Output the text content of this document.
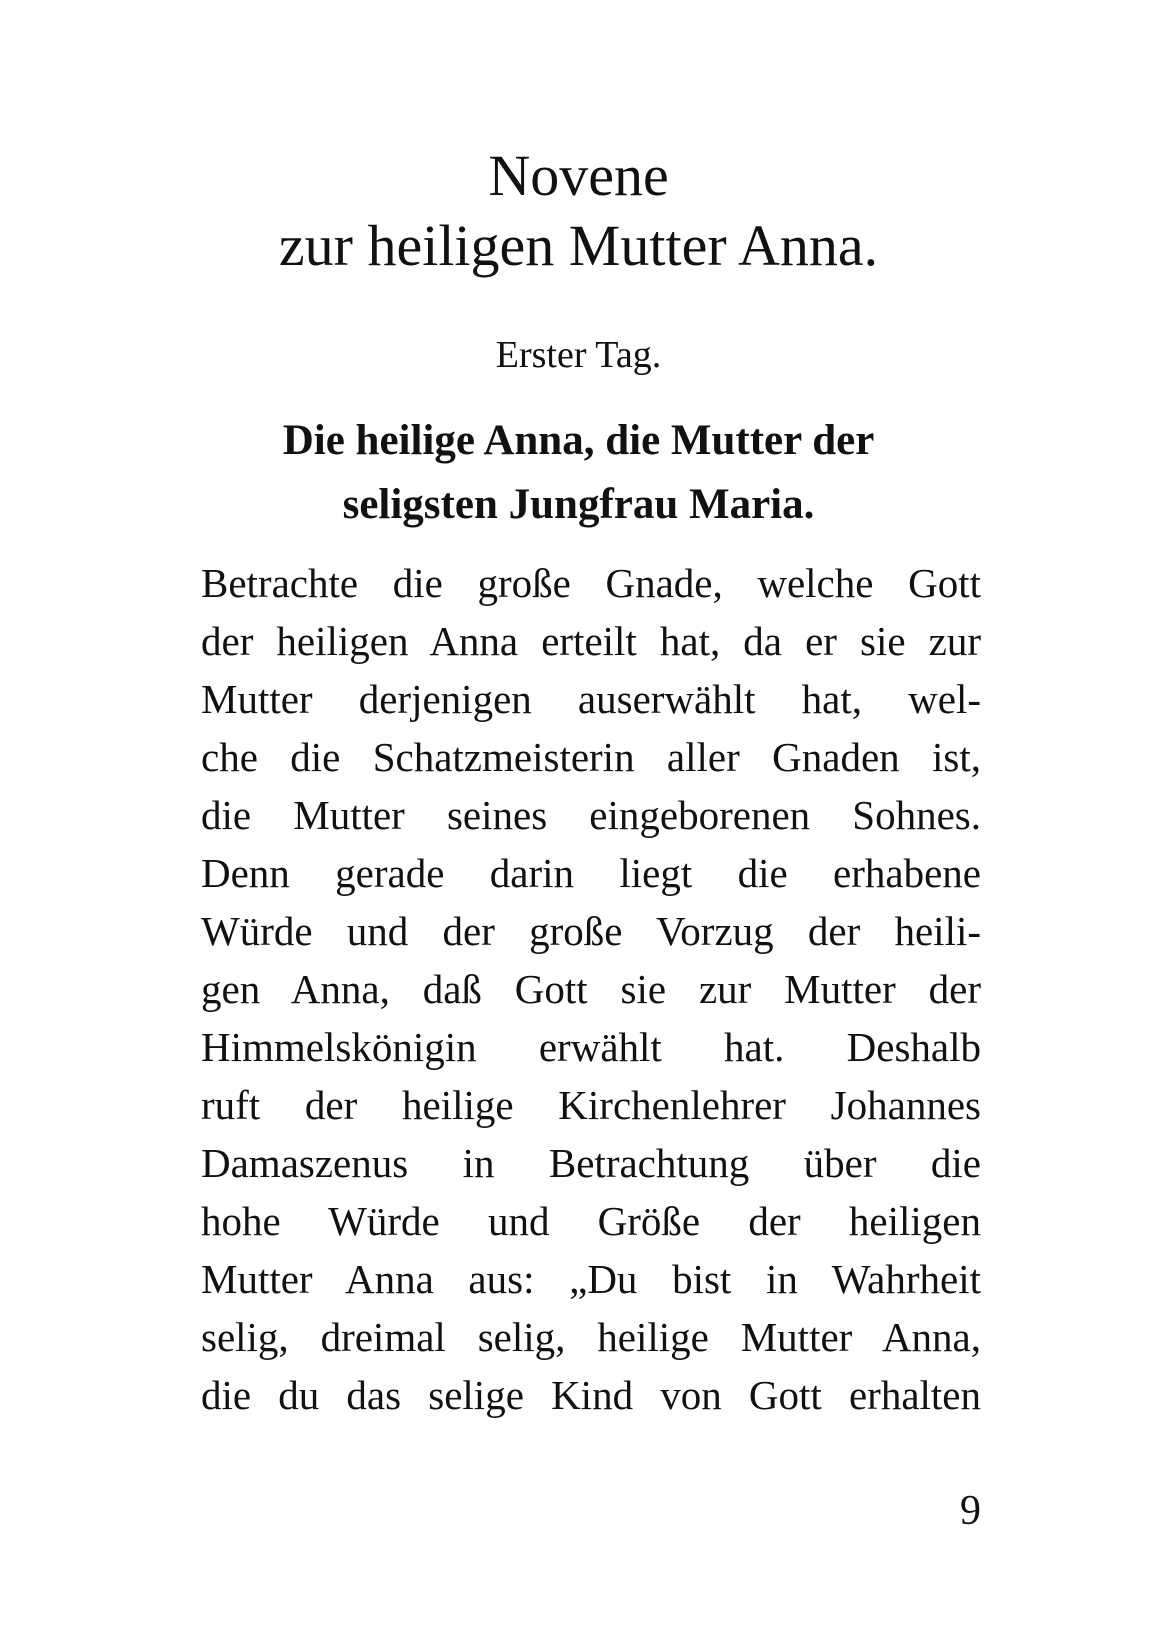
Novene
zur heiligen Mutter Anna.
Erster Tag.
Die heilige Anna, die Mutter der
seligsten Jungfrau Maria.
Betrachte die große Gnade, welche Gott
der heiligen Anna erteilt hat, da er sie zur
Mutter derjenigen auserwählt hat, wel-
che die Schatzmeisterin aller Gnaden ist,
die Mutter seines eingeborenen Sohnes.
Denn gerade darin liegt die erhabene
Würde und der große Vorzug der heili-
gen Anna, daß Gott sie zur Mutter der
Himmelskönigin erwählt hat. Deshalb
ruft der heilige Kirchenlehrer Johannes
Damaszenus in Betrachtung über die
hohe Würde und Größe der heiligen
Mutter Anna aus: „Du bist in Wahrheit
selig, dreimal selig, heilige Mutter Anna,
die du das selige Kind von Gott erhalten
9
